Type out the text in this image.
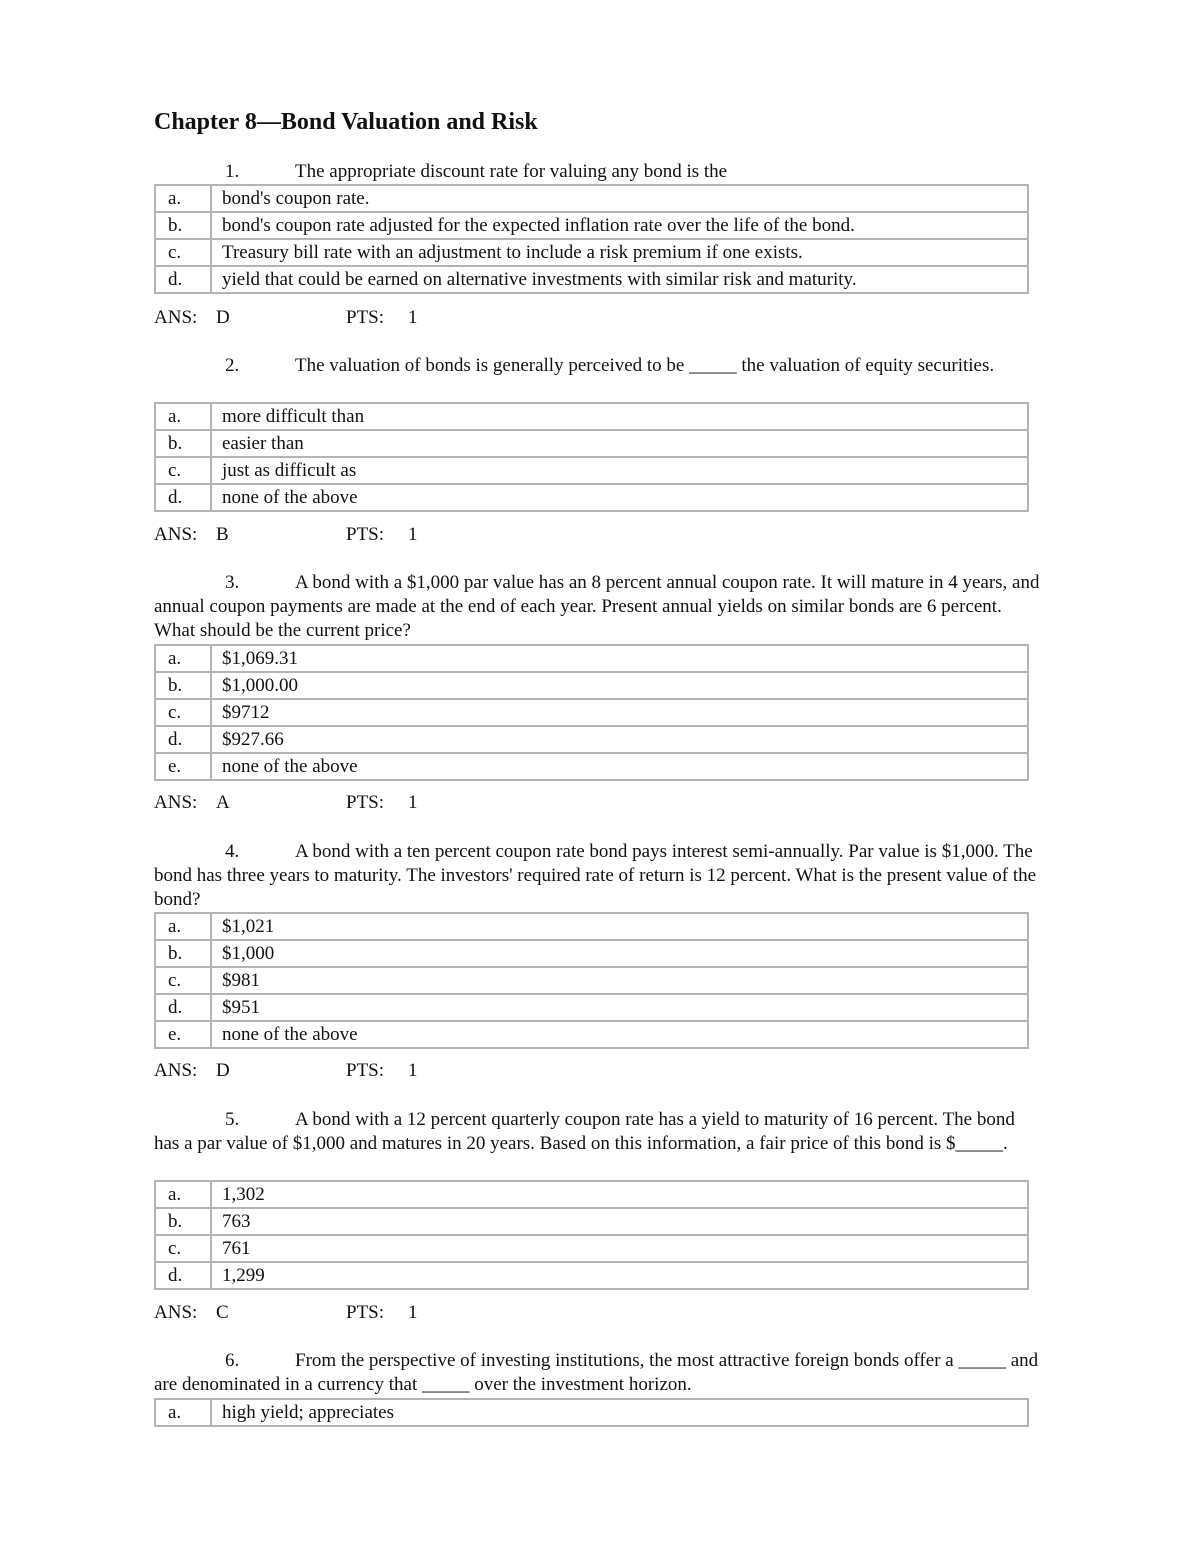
Chapter 8—Bond Valuation and Risk
1.	The appropriate discount rate for valuing any bond is the
a.	bond's coupon rate.
b.	bond's coupon rate adjusted for the expected inflation rate over the life of the bond.
c.	Treasury bill rate with an adjustment to include a risk premium if one exists.
d.	yield that could be earned on alternative investments with similar risk and maturity.
ANS: D	PTS: 1
2.	The valuation of bonds is generally perceived to be _____ the valuation of equity securities.
a.	more difficult than
b.	easier than
c.	just as difficult as
d.	none of the above
ANS: B	PTS: 1
3.	A bond with a $1,000 par value has an 8 percent annual coupon rate. It will mature in 4 years, and annual coupon payments are made at the end of each year. Present annual yields on similar bonds are 6 percent. What should be the current price?
a.	$1,069.31
b.	$1,000.00
c.	$9712
d.	$927.66
e.	none of the above
ANS: A	PTS: 1
4.	A bond with a ten percent coupon rate bond pays interest semi-annually. Par value is $1,000. The bond has three years to maturity. The investors' required rate of return is 12 percent. What is the present value of the bond?
a.	$1,021
b.	$1,000
c.	$981
d.	$951
e.	none of the above
ANS: D	PTS: 1
5.	A bond with a 12 percent quarterly coupon rate has a yield to maturity of 16 percent. The bond has a par value of $1,000 and matures in 20 years. Based on this information, a fair price of this bond is $_____.
a.	1,302
b.	763
c.	761
d.	1,299
ANS: C	PTS: 1
6.	From the perspective of investing institutions, the most attractive foreign bonds offer a _____ and are denominated in a currency that _____ over the investment horizon.
a.	high yield; appreciates
